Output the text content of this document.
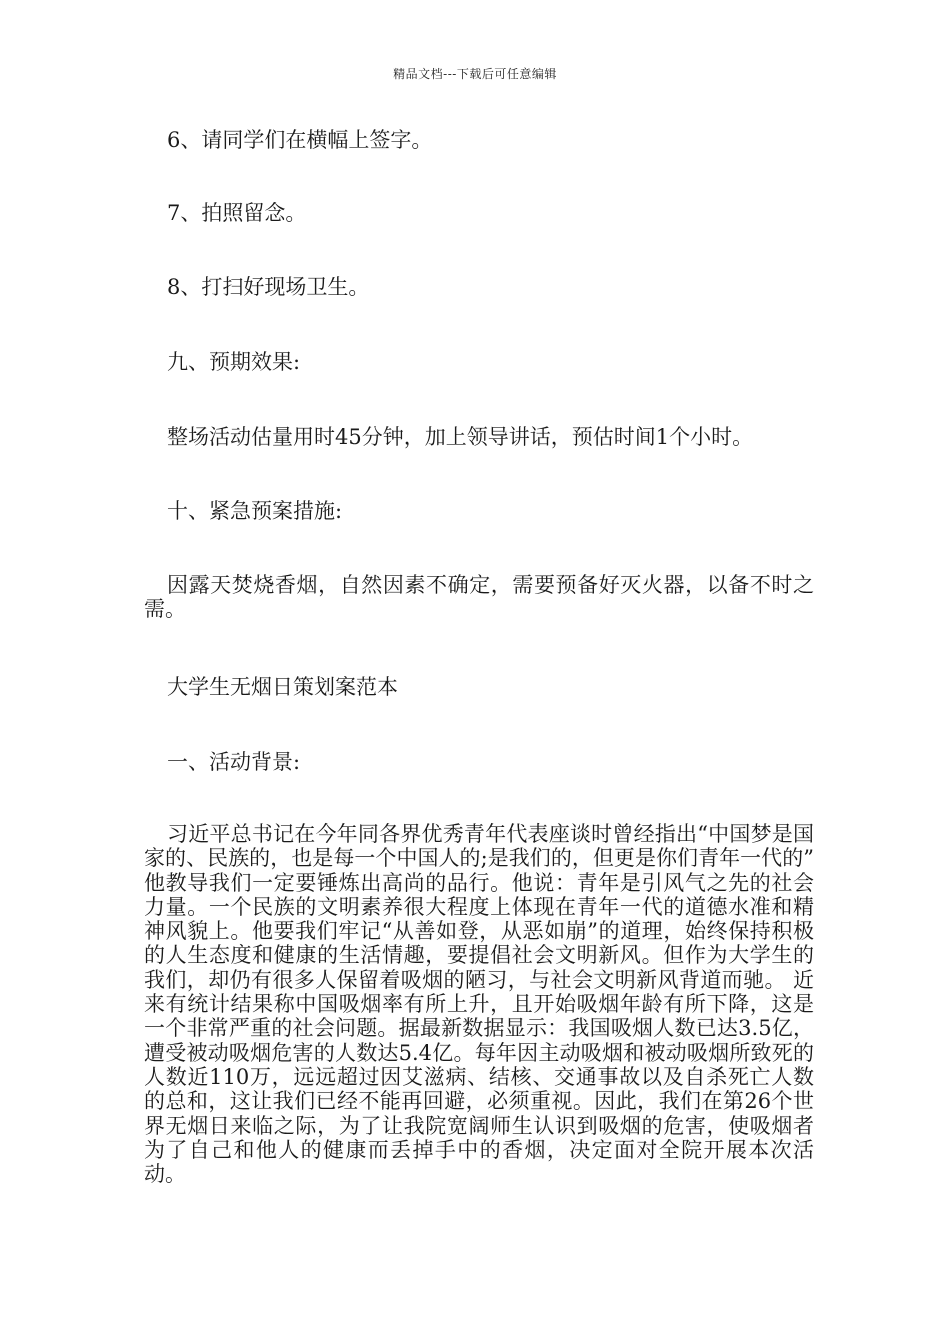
精品文档---下载后可任意编辑
6、请同学们在横幅上签字。
7、拍照留念。
8、打扫好现场卫生。
九、预期效果:
整场活动估量用时45分钟，加上领导讲话，预估时间1个小时。
十、紧急预案措施:
因露天焚烧香烟，自然因素不确定，需要预备好灭火器，以备不时之需。
大学生无烟日策划案范本
一、活动背景:
习近平总书记在今年同各界优秀青年代表座谈时曾经指出“中国梦是国家的、民族的，也是每一个中国人的;是我们的，但更是你们青年一代的” 他教导我们一定要锤炼出高尚的品行。他说：青年是引风气之先的社会力量。一个民族的文明素养很大程度上体现在青年一代的道德水准和精神风貌上。他要我们牢记“从善如登，从恶如崩”的道理，始终保持积极的人生态度和健康的生活情趣，要提倡社会文明新风。但作为大学生的我们，却仍有很多人保留着吸烟的陋习，与社会文明新风背道而驰。 近来有统计结果称中国吸烟率有所上升，且开始吸烟年龄有所下降，这是一个非常严重的社会问题。据最新数据显示：我国吸烟人数已达3.5亿，遭受被动吸烟危害的人数达5.4亿。每年因主动吸烟和被动吸烟所致死的人数近110万，远远超过因艾滋病、结核、交通事故以及自杀死亡人数的总和，这让我们已经不能再回避，必须重视。因此，我们在第26个世界无烟日来临之际，为了让我院宽阔师生认识到吸烟的危害，使吸烟者为了自己和他人的健康而丢掉手中的香烟，决定面对全院开展本次活动。
